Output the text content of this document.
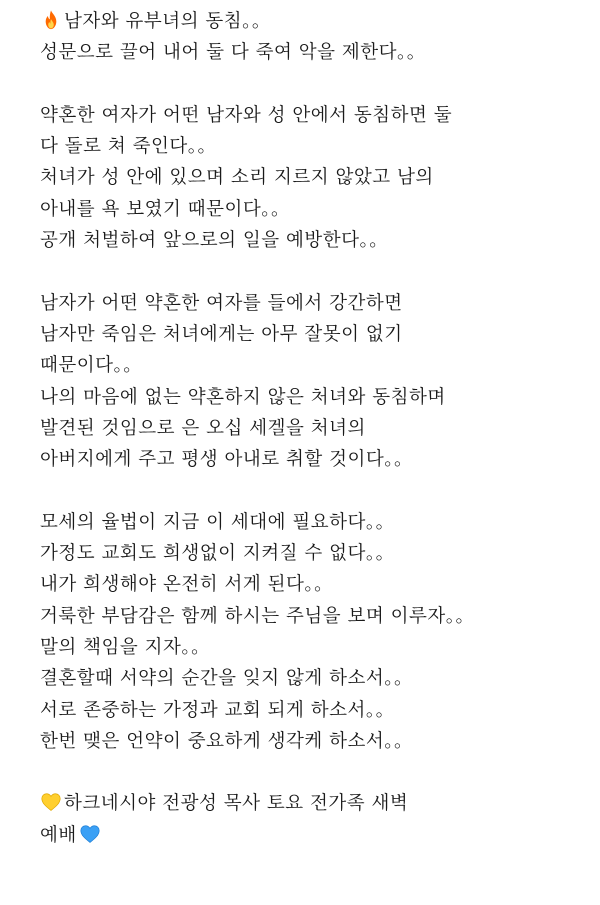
남자와 유부녀의 동침。。
성문으로 끌어 내어 둘 다 죽여 악을 제한다。。
약혼한 여자가 어떤 남자와 성 안에서 동침하면 둘
다 돌로 쳐 죽인다。。
처녀가 성 안에 있으며 소리 지르지 않았고 남의
아내를 욕 보였기 때문이다。。
공개 처벌하여 앞으로의 일을 예방한다。。
남자가 어떤 약혼한 여자를 들에서 강간하면
남자만 죽임은 처녀에게는 아무 잘못이 없기
때문이다。。
나의 마음에 없는 약혼하지 않은 처녀와 동침하며
발견된 것임으로 은 오십 세겔을 처녀의
아버지에게 주고 평생 아내로 취할 것이다。。
모세의 율법이 지금 이 세대에 필요하다。。
가정도 교회도 희생없이 지켜질 수 없다。。
내가 희생해야 온전히 서게 된다。。
거룩한 부담감은 함께 하시는 주님을 보며 이루자。。
말의 책임을 지자。。
결혼할때 서약의 순간을 잊지 않게 하소서。。
서로 존중하는 가정과 교회 되게 하소서。。
한번 맺은 언약이 중요하게 생각케 하소서。。
하크네시야 전광성 목사 토요 전가족 새벽
예배
